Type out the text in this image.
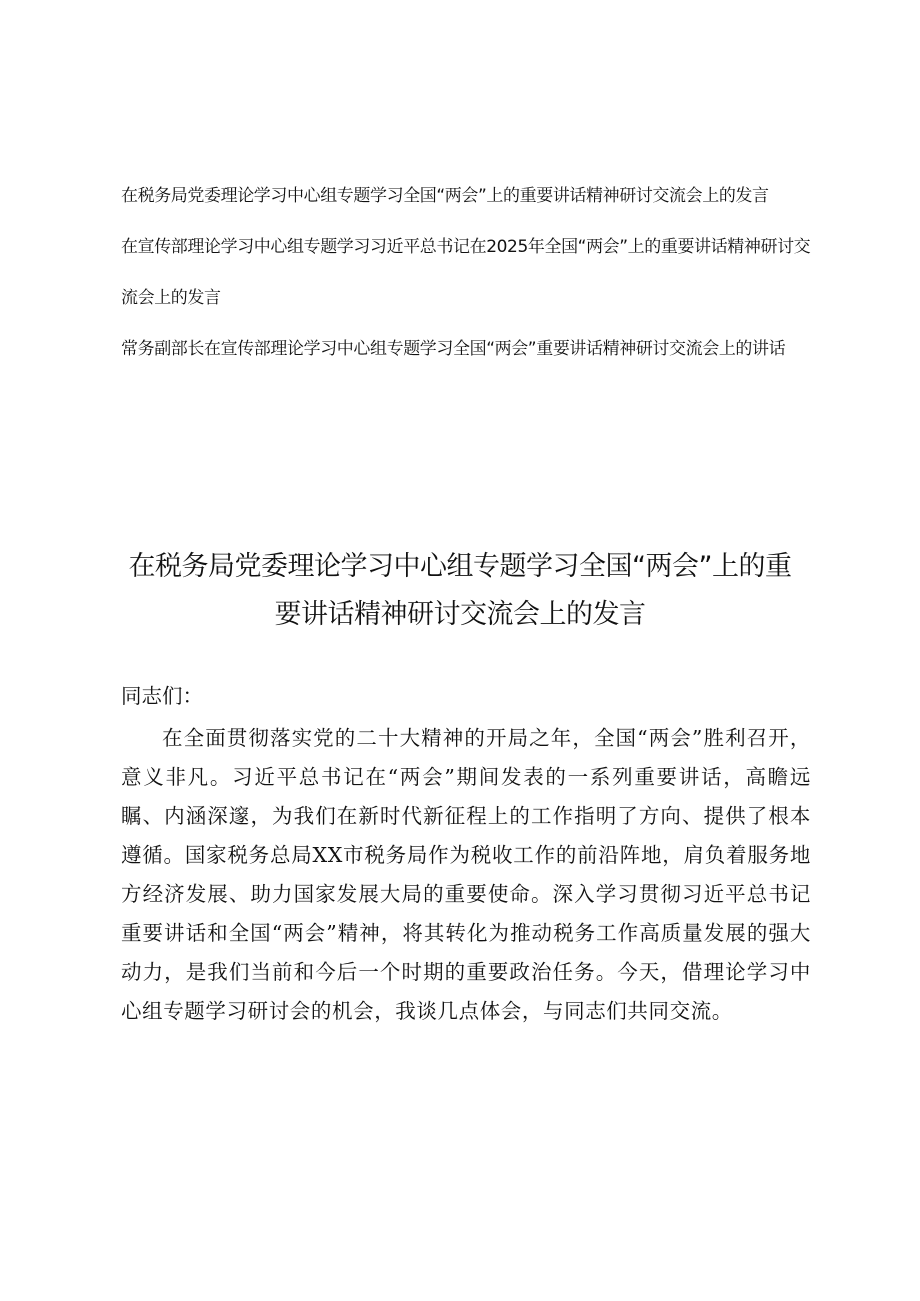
在税务局党委理论学习中心组专题学习全国“两会”上的重要讲话精神研讨交流会上的发言

在宣传部理论学习中心组专题学习习近平总书记在2025年全国“两会”上的重要讲话精神研讨交流会上的发言

常务副部长在宣传部理论学习中心组专题学习全国“两会”重要讲话精神研讨交流会上的讲话

在税务局党委理论学习中心组专题学习全国“两会”上的重要讲话精神研讨交流会上的发言

同志们：

在全面贯彻落实党的二十大精神的开局之年，全国“两会”胜利召开，意义非凡。习近平总书记在“两会”期间发表的一系列重要讲话，高瞻远瞩、内涵深邃，为我们在新时代新征程上的工作指明了方向、提供了根本遵循。国家税务总局XX市税务局作为税收工作的前沿阵地，肩负着服务地方经济发展、助力国家发展大局的重要使命。深入学习贯彻习近平总书记重要讲话和全国“两会”精神，将其转化为推动税务工作高质量发展的强大动力，是我们当前和今后一个时期的重要政治任务。今天，借理论学习中心组专题学习研讨会的机会，我谈几点体会，与同志们共同交流。
